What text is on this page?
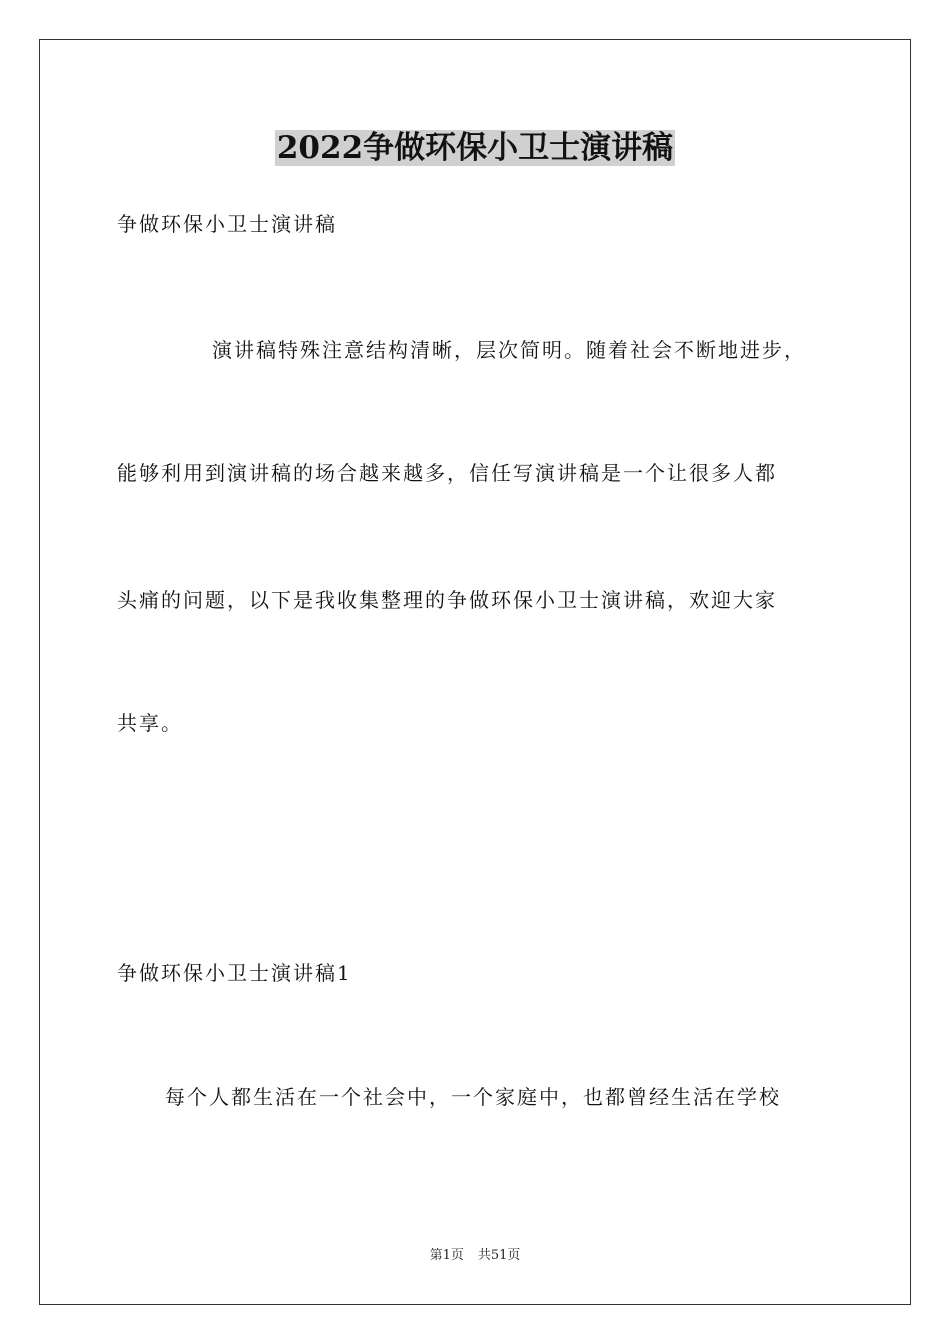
2022争做环保小卫士演讲稿
争做环保小卫士演讲稿
演讲稿特殊注意结构清晰，层次简明。随着社会不断地进步，
能够利用到演讲稿的场合越来越多，信任写演讲稿是一个让很多人都
头痛的问题，以下是我收集整理的争做环保小卫士演讲稿，欢迎大家
共享。
争做环保小卫士演讲稿1
每个人都生活在一个社会中，一个家庭中，也都曾经生活在学校
第1页 共51页
